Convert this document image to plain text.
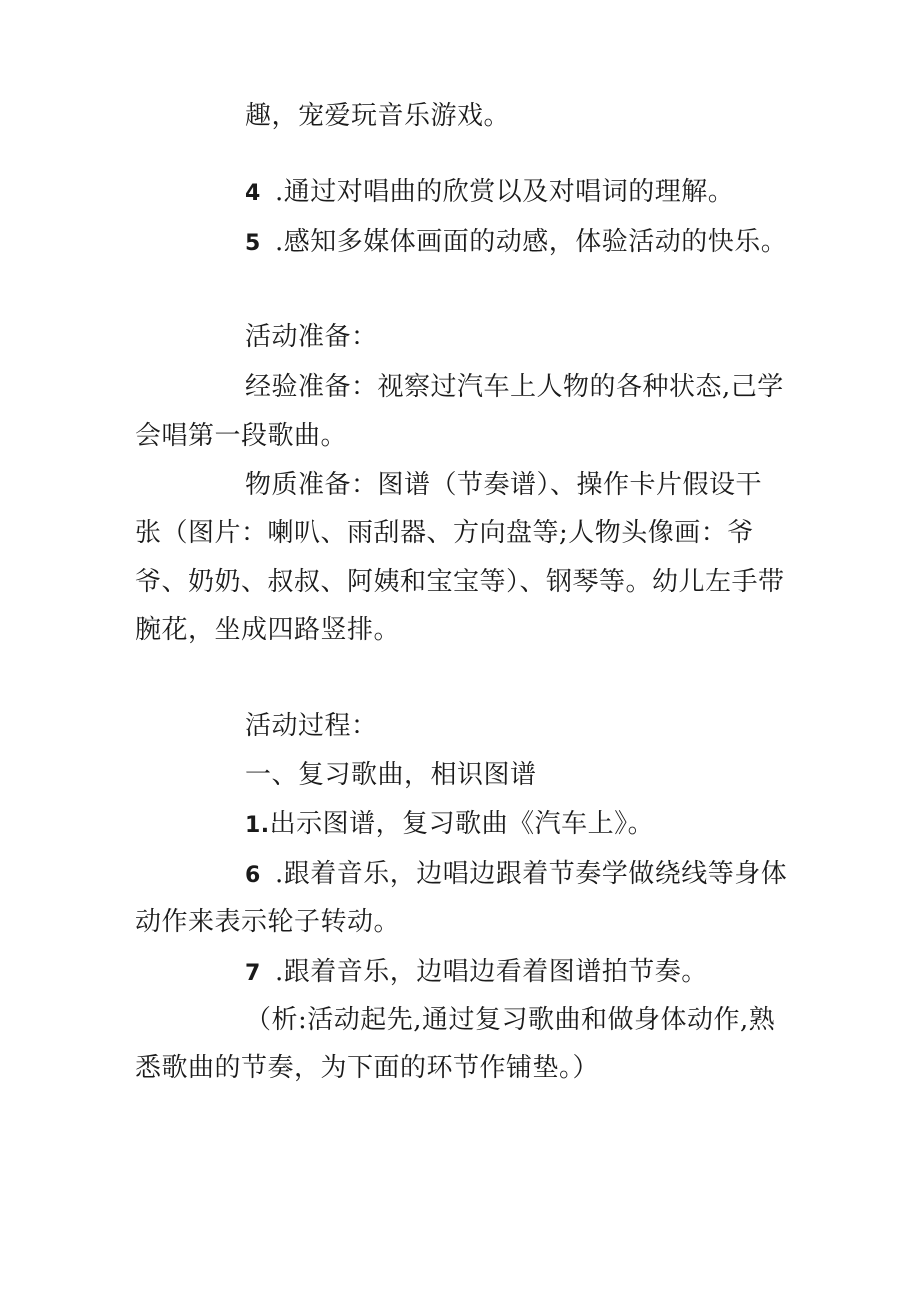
趣，宠爱玩音乐游戏。
4 .通过对唱曲的欣赏以及对唱词的理解。
5 .感知多媒体画面的动感，体验活动的快乐。
活动准备：
经验准备：视察过汽车上人物的各种状态,己学
会唱第一段歌曲。
物质准备：图谱（节奏谱）、操作卡片假设干
张（图片：喇叭、雨刮器、方向盘等;人物头像画：爷
爷、奶奶、叔叔、阿姨和宝宝等）、钢琴等。幼儿左手带
腕花，坐成四路竖排。
活动过程：
一、复习歌曲，相识图谱
1.出示图谱，复习歌曲《汽车上》。
6 .跟着音乐，边唱边跟着节奏学做绕线等身体
动作来表示轮子转动。
7 .跟着音乐，边唱边看着图谱拍节奏。
（析:活动起先,通过复习歌曲和做身体动作,熟
悉歌曲的节奏，为下面的环节作铺垫。）
